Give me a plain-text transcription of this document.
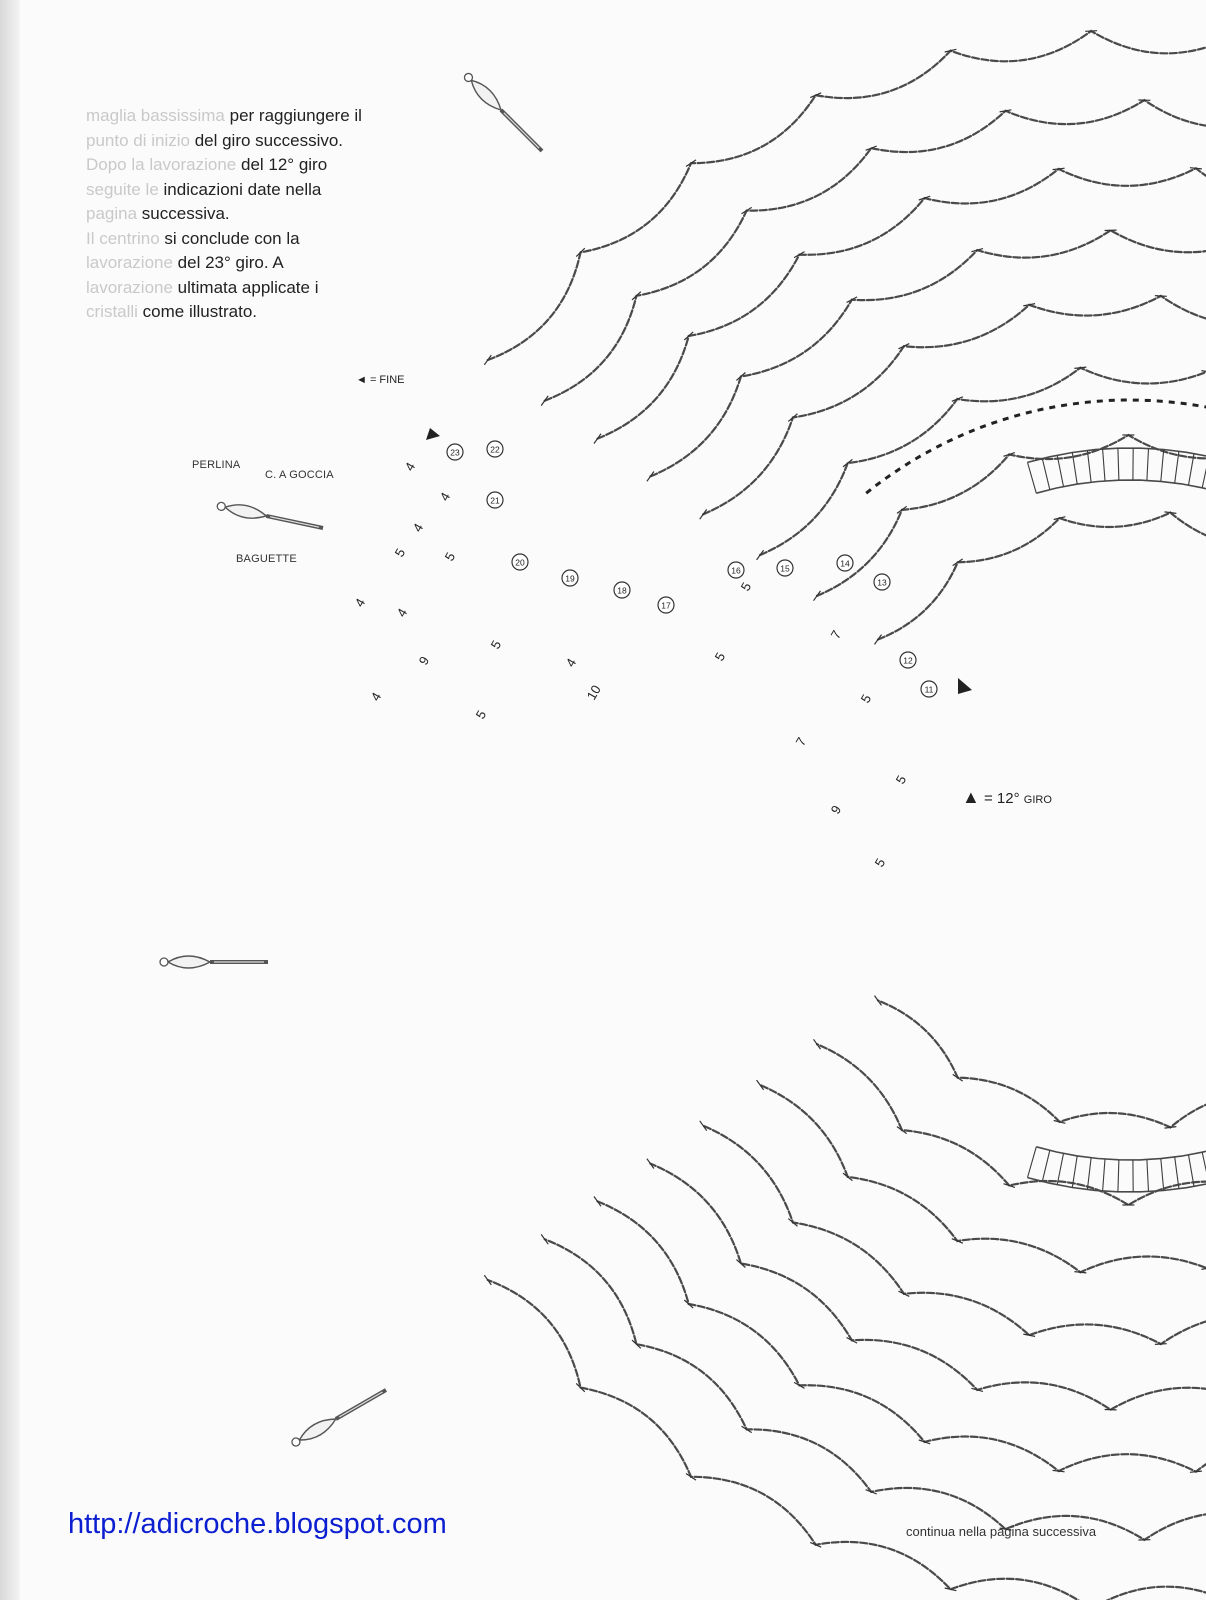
maglia bassissima per raggiungere il
punto di inizio del giro successivo.
Dopo la lavorazione del 12° giro
seguite le indicazioni date nella
pagina successiva.
Il centrino si conclude con la
lavorazione del 23° giro. A
lavorazione ultimata applicate i
cristalli come illustrato.
4
4
4
5	5
4
4
4
9
5
5
4
10
5
5
7
7
9
5
5
5
11
12
13
14
15
16
17
18
19
20
21
22
23
PERLINA
C. A GOCCIA
BAGUETTE
◄ = FINE
▲ = 12° GIRO
http://adicroche.blogspot.com	continua nella pagina successiva
